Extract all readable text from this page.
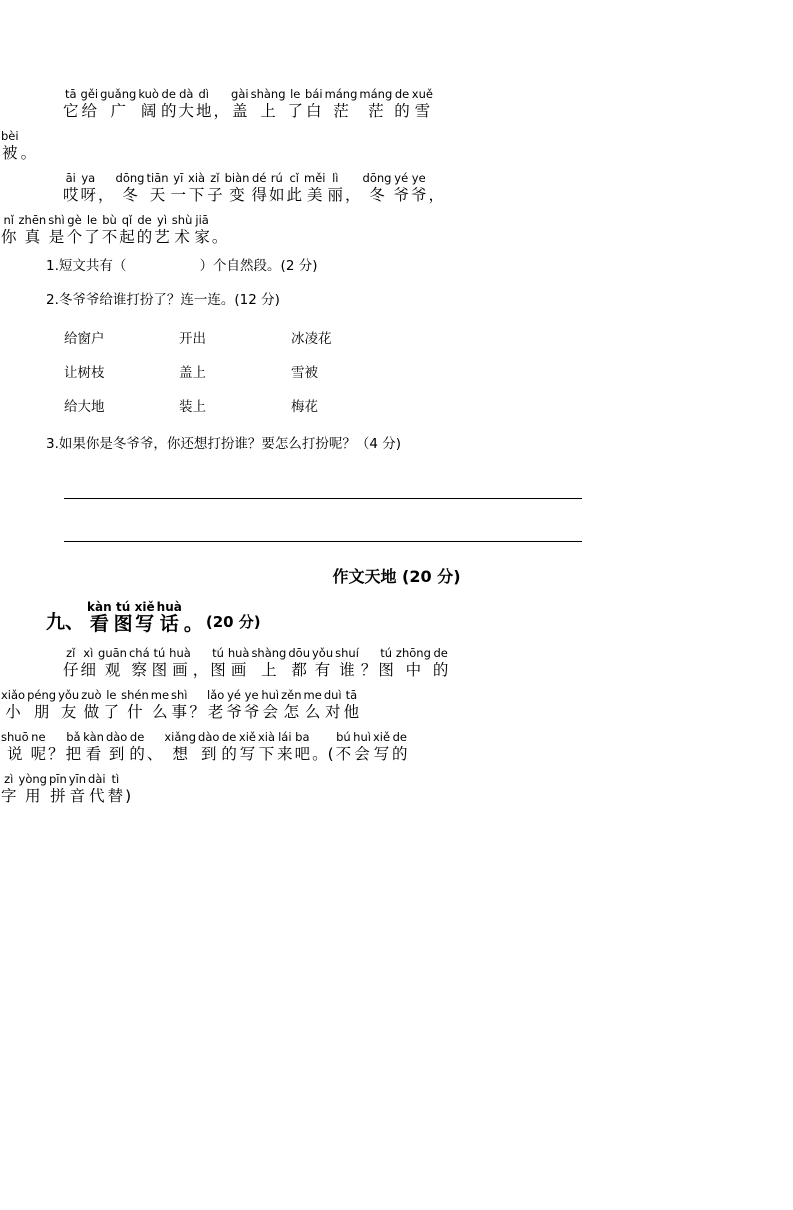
tā
它
gěi
给
guǎng
广
kuò
阔
de
的
dà
大
dì
地 ，
gài
盖
shàng
上
le
了
bái
白
máng
茫
máng
茫
de
的
xuě
雪
bèi
被 。
āi
哎
ya
呀 ，
dōng
冬
tiān
天
yī
一
xià
下
zǐ
子
biàn
变
dé
得
rú
如
cǐ
此
měi
美
lì
丽 ，
dōng
冬
yé
爷
ye
爷 ，
nǐ
你
zhēn
真
shì
是
gè
个
le
了
bù
不
qǐ
起
de
的
yì
艺
shù
术
jiā
家 。
1.短文共有（	）个自然段。(2 分)
2.冬爷爷给谁打扮了？连一连。(12 分)
给窗户	开出	冰凌花
让树枝	盖上	雪被
给大地	装上	梅花
3.如果你是冬爷爷，你还想打扮谁？要怎么打扮呢？（4 分)
作文天地 (20 分)
九、
kàn
看
tú
图
xiě
写
huà
话 。 (20 分)
zǐ
仔
xì
细
guān
观
chá
察
tú
图
huà
画 ，
tú
图
huà
画
shàng
上
dōu
都
yǒu
有
shuí
谁 ？
tú
图
zhōng
中
de
的
xiǎo
小
péng
朋
yǒu
友
zuò
做
le
了
shén
什
me
么
shì
事 ？
lǎo
老
yé
爷
ye
爷
huì
会
zěn
怎
me
么
duì
对
tā
他
shuō
说
ne
呢 ？
bǎ
把
kàn
看
dào
到
de
的 、
xiǎng
想
dào
到
de
的
xiě
写
xià
下
lái
来
ba
吧 。(
bú
不
huì
会
xiě
写
de
的
zì
字
yòng
用
pīn
拼
yīn
音
dài
代
tì
替 )
